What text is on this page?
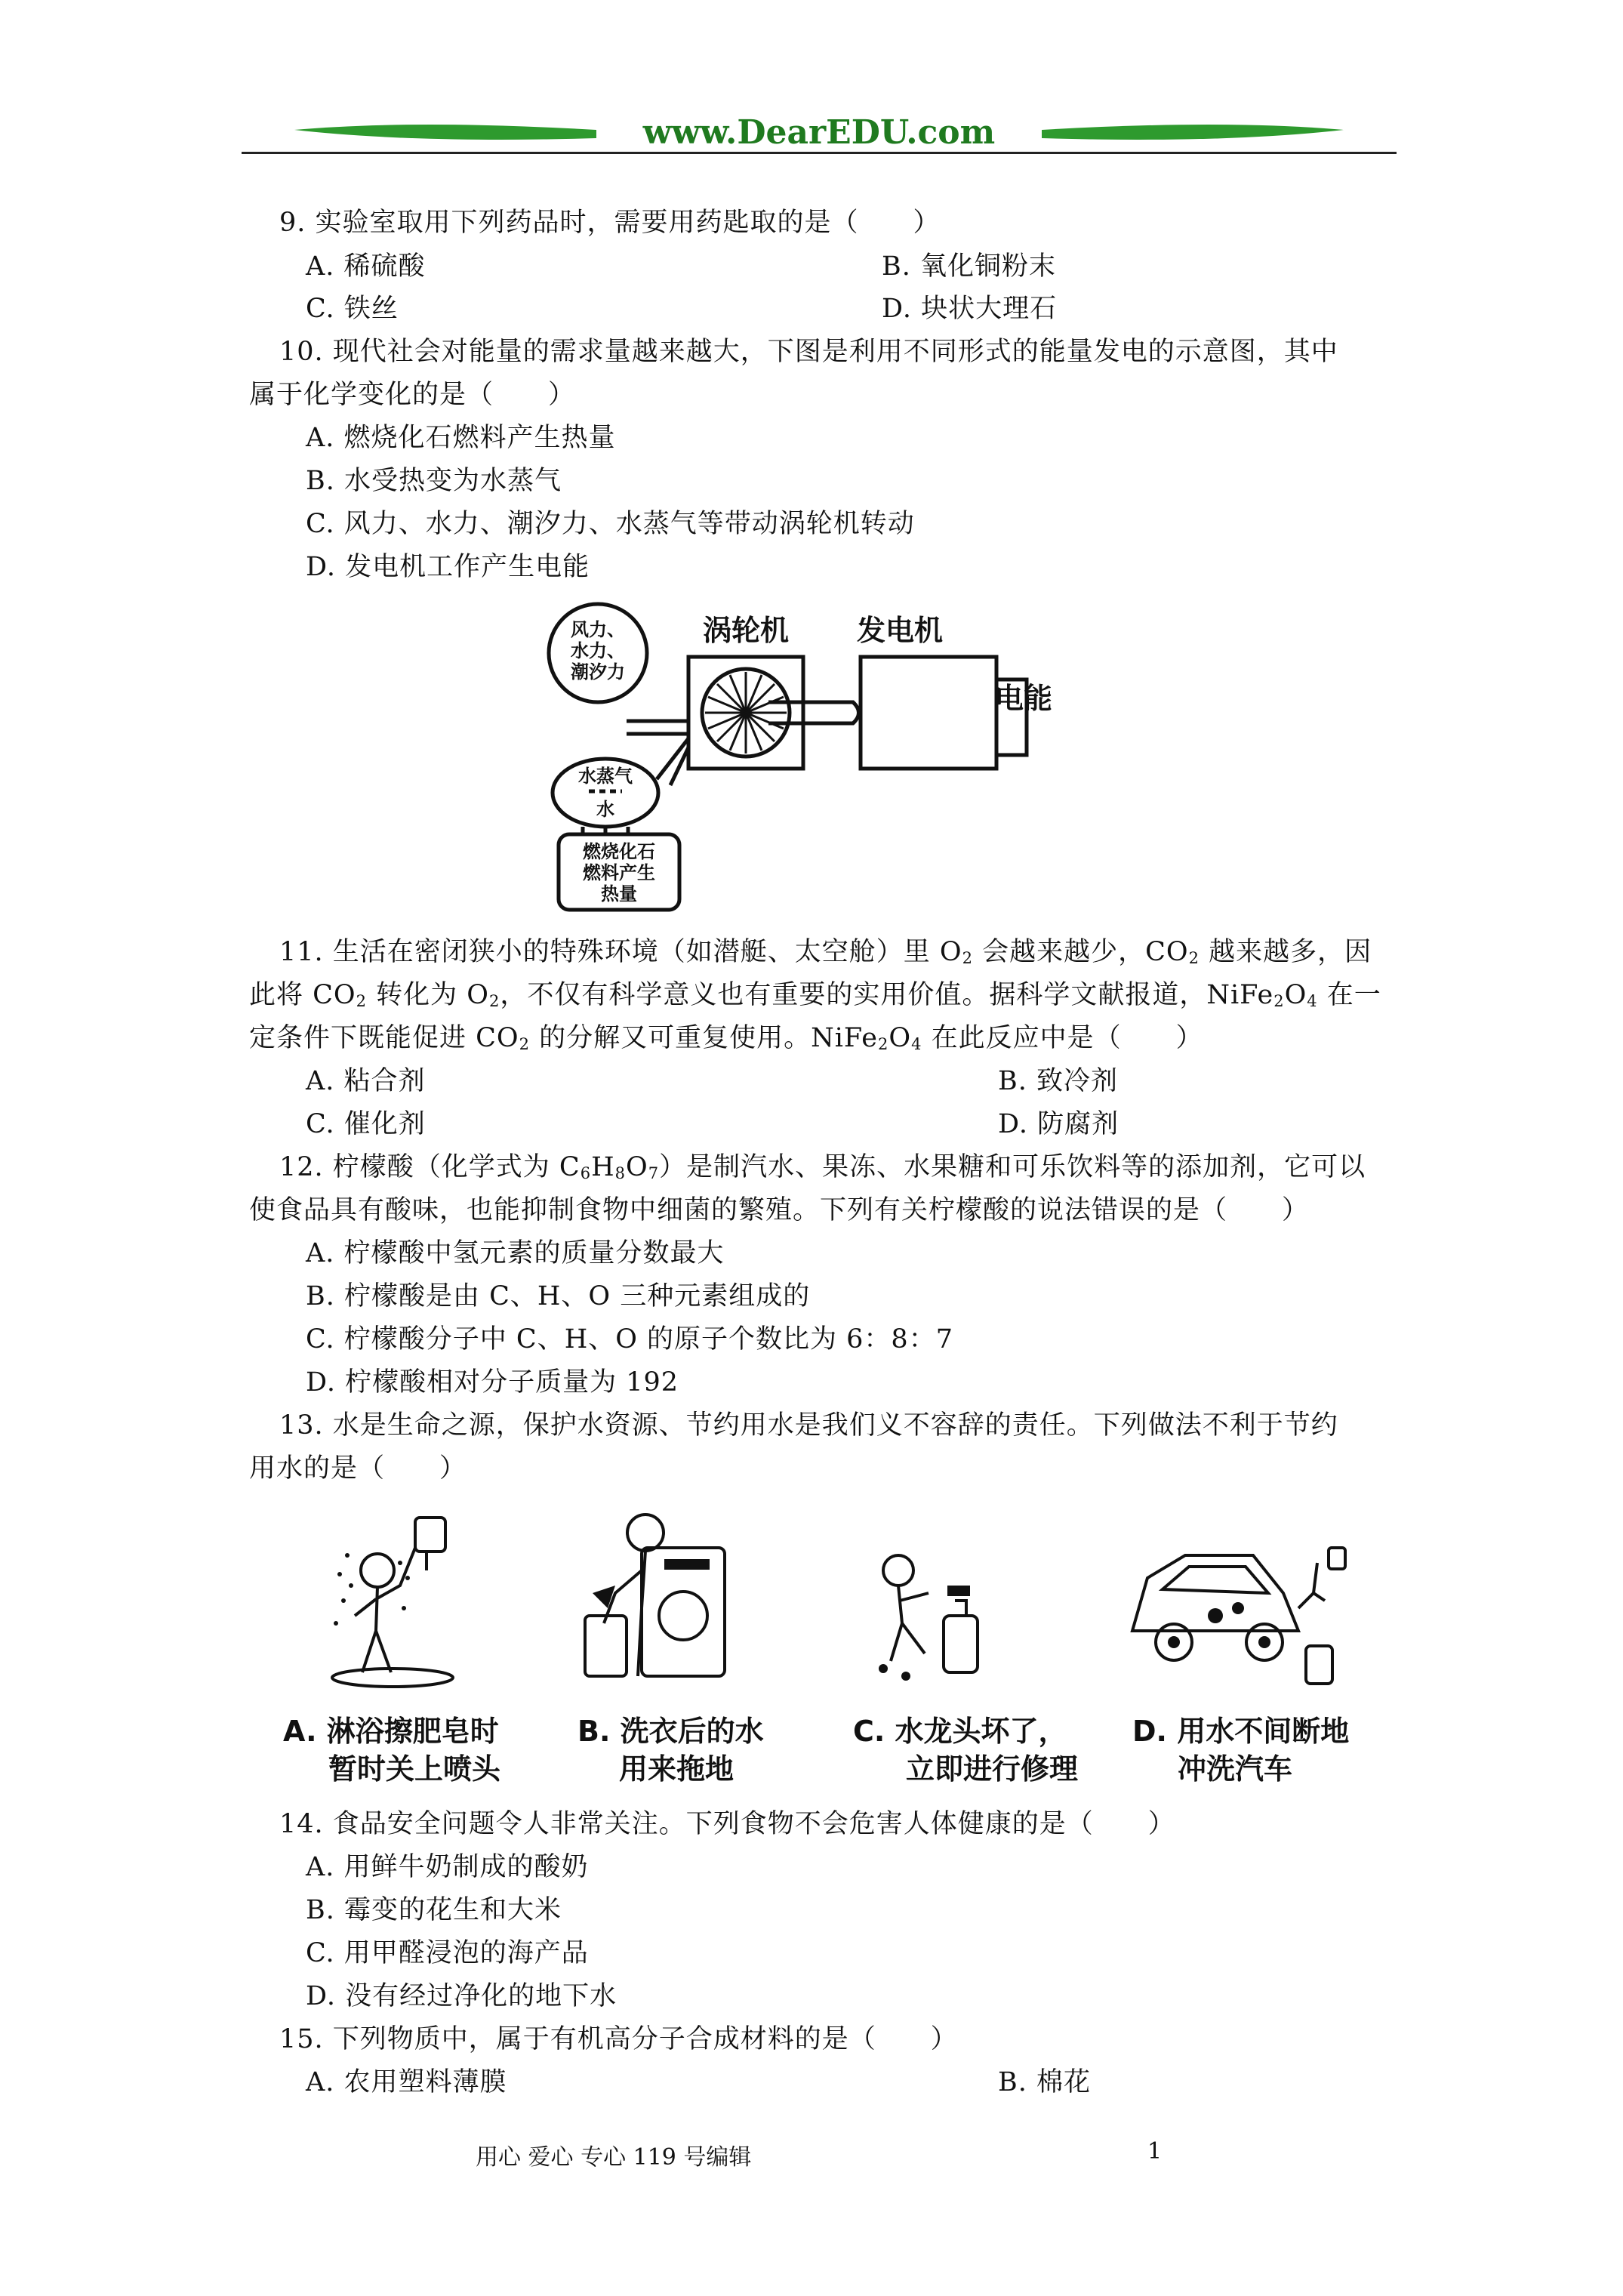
www.DearEDU.com
9. 实验室取用下列药品时，需要用药匙取的是（　　）
A. 稀硫酸	B. 氧化铜粉末
C. 铁丝	D. 块状大理石
10. 现代社会对能量的需求量越来越大，下图是利用不同形式的能量发电的示意图，其中
属于化学变化的是（　　）
A. 燃烧化石燃料产生热量
B. 水受热变为水蒸气
C. 风力、水力、潮汐力、水蒸气等带动涡轮机转动
D. 发电机工作产生电能
风力、
水力、
潮汐力
涡轮机 发电机
电能
水蒸气
水
燃烧化石
燃料产生
热量
11. 生活在密闭狭小的特殊环境（如潜艇、太空舱）里 $O_2$ 会越来越少，$CO_2$ 越来越多，因
此将 $CO_2$ 转化为 $O_2$，不仅有科学意义也有重要的实用价值。据科学文献报道，$NiFe_2O_4$ 在一
定条件下既能促进 $CO_2$ 的分解又可重复使用。$NiFe_2O_4$ 在此反应中是（　　）
A. 粘合剂	B. 致冷剂
C. 催化剂	D. 防腐剂
12. 柠檬酸（化学式为 $C_6H_8O_7$）是制汽水、果冻、水果糖和可乐饮料等的添加剂，它可以
使食品具有酸味，也能抑制食物中细菌的繁殖。下列有关柠檬酸的说法错误的是（　　）
A. 柠檬酸中氢元素的质量分数最大
B. 柠檬酸是由 C、H、O 三种元素组成的
C. 柠檬酸分子中 C、H、O 的原子个数比为 6：8：7
D. 柠檬酸相对分子质量为 192
13. 水是生命之源，保护水资源、节约用水是我们义不容辞的责任。下列做法不利于节约
用水的是（　　）
A. 淋浴擦肥皂时
暂时关上喷头
B. 洗衣后的水
用来拖地
C. 水龙头坏了，
立即进行修理
D. 用水不间断地
冲洗汽车
14. 食品安全问题令人非常关注。下列食物不会危害人体健康的是（　　）
A. 用鲜牛奶制成的酸奶
B. 霉变的花生和大米
C. 用甲醛浸泡的海产品
D. 没有经过净化的地下水
15. 下列物质中，属于有机高分子合成材料的是（　　）
A. 农用塑料薄膜	B. 棉花
用心 爱心 专心 119 号编辑	1
